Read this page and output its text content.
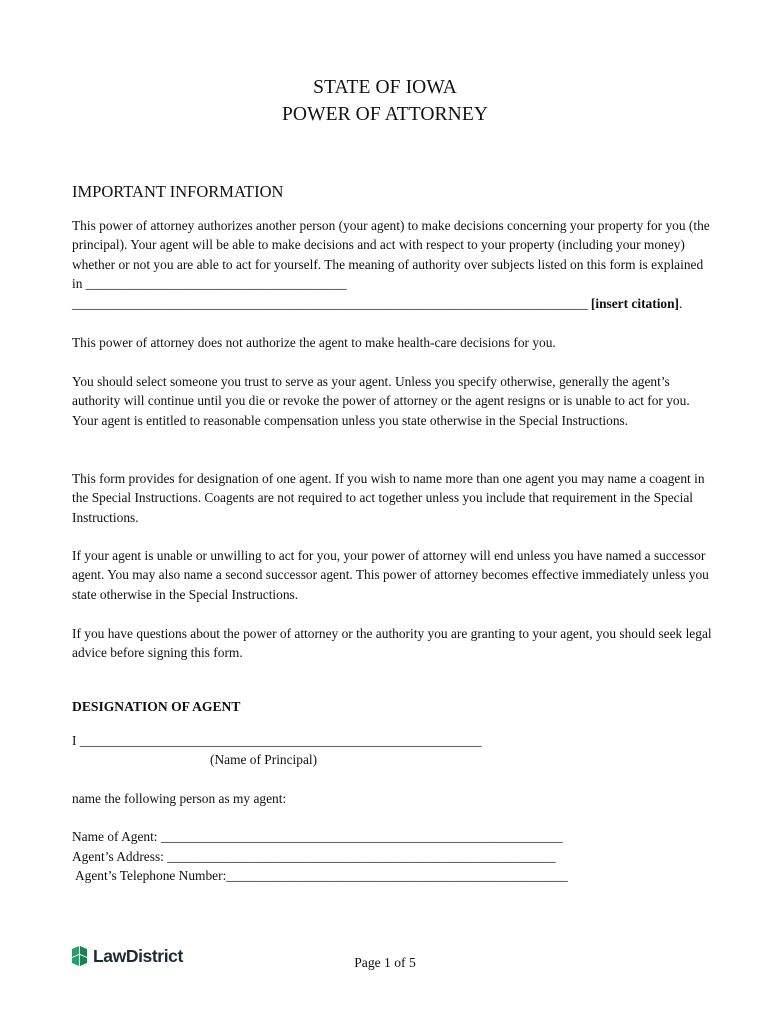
STATE OF IOWA
POWER OF ATTORNEY
IMPORTANT INFORMATION

This power of attorney authorizes another person (your agent) to make decisions concerning your property for you (the principal). Your agent will be able to make decisions and act with respect to your property (including your money) whether or not you are able to act for yourself. The meaning of authority over subjects listed on this form is explained in _______________________________________ _____________________________________________________________________________ [insert citation].

This power of attorney does not authorize the agent to make health-care decisions for you.

You should select someone you trust to serve as your agent. Unless you specify otherwise, generally the agent’s authority will continue until you die or revoke the power of attorney or the agent resigns or is unable to act for you. Your agent is entitled to reasonable compensation unless you state otherwise in the Special Instructions.

This form provides for designation of one agent. If you wish to name more than one agent you may name a coagent in the Special Instructions. Coagents are not required to act together unless you include that requirement in the Special Instructions.

If your agent is unable or unwilling to act for you, your power of attorney will end unless you have named a successor agent. You may also name a second successor agent. This power of attorney becomes effective immediately unless you state otherwise in the Special Instructions.

If you have questions about the power of attorney or the authority you are granting to your agent, you should seek legal advice before signing this form.

DESIGNATION OF AGENT

I ____________________________________________________________

(Name of Principal)

name the following person as my agent:

Name of Agent: ____________________________________________________________

Agent’s Address: __________________________________________________________

Agent’s Telephone Number:___________________________________________________

LawDistrict	Page 1 of 5
